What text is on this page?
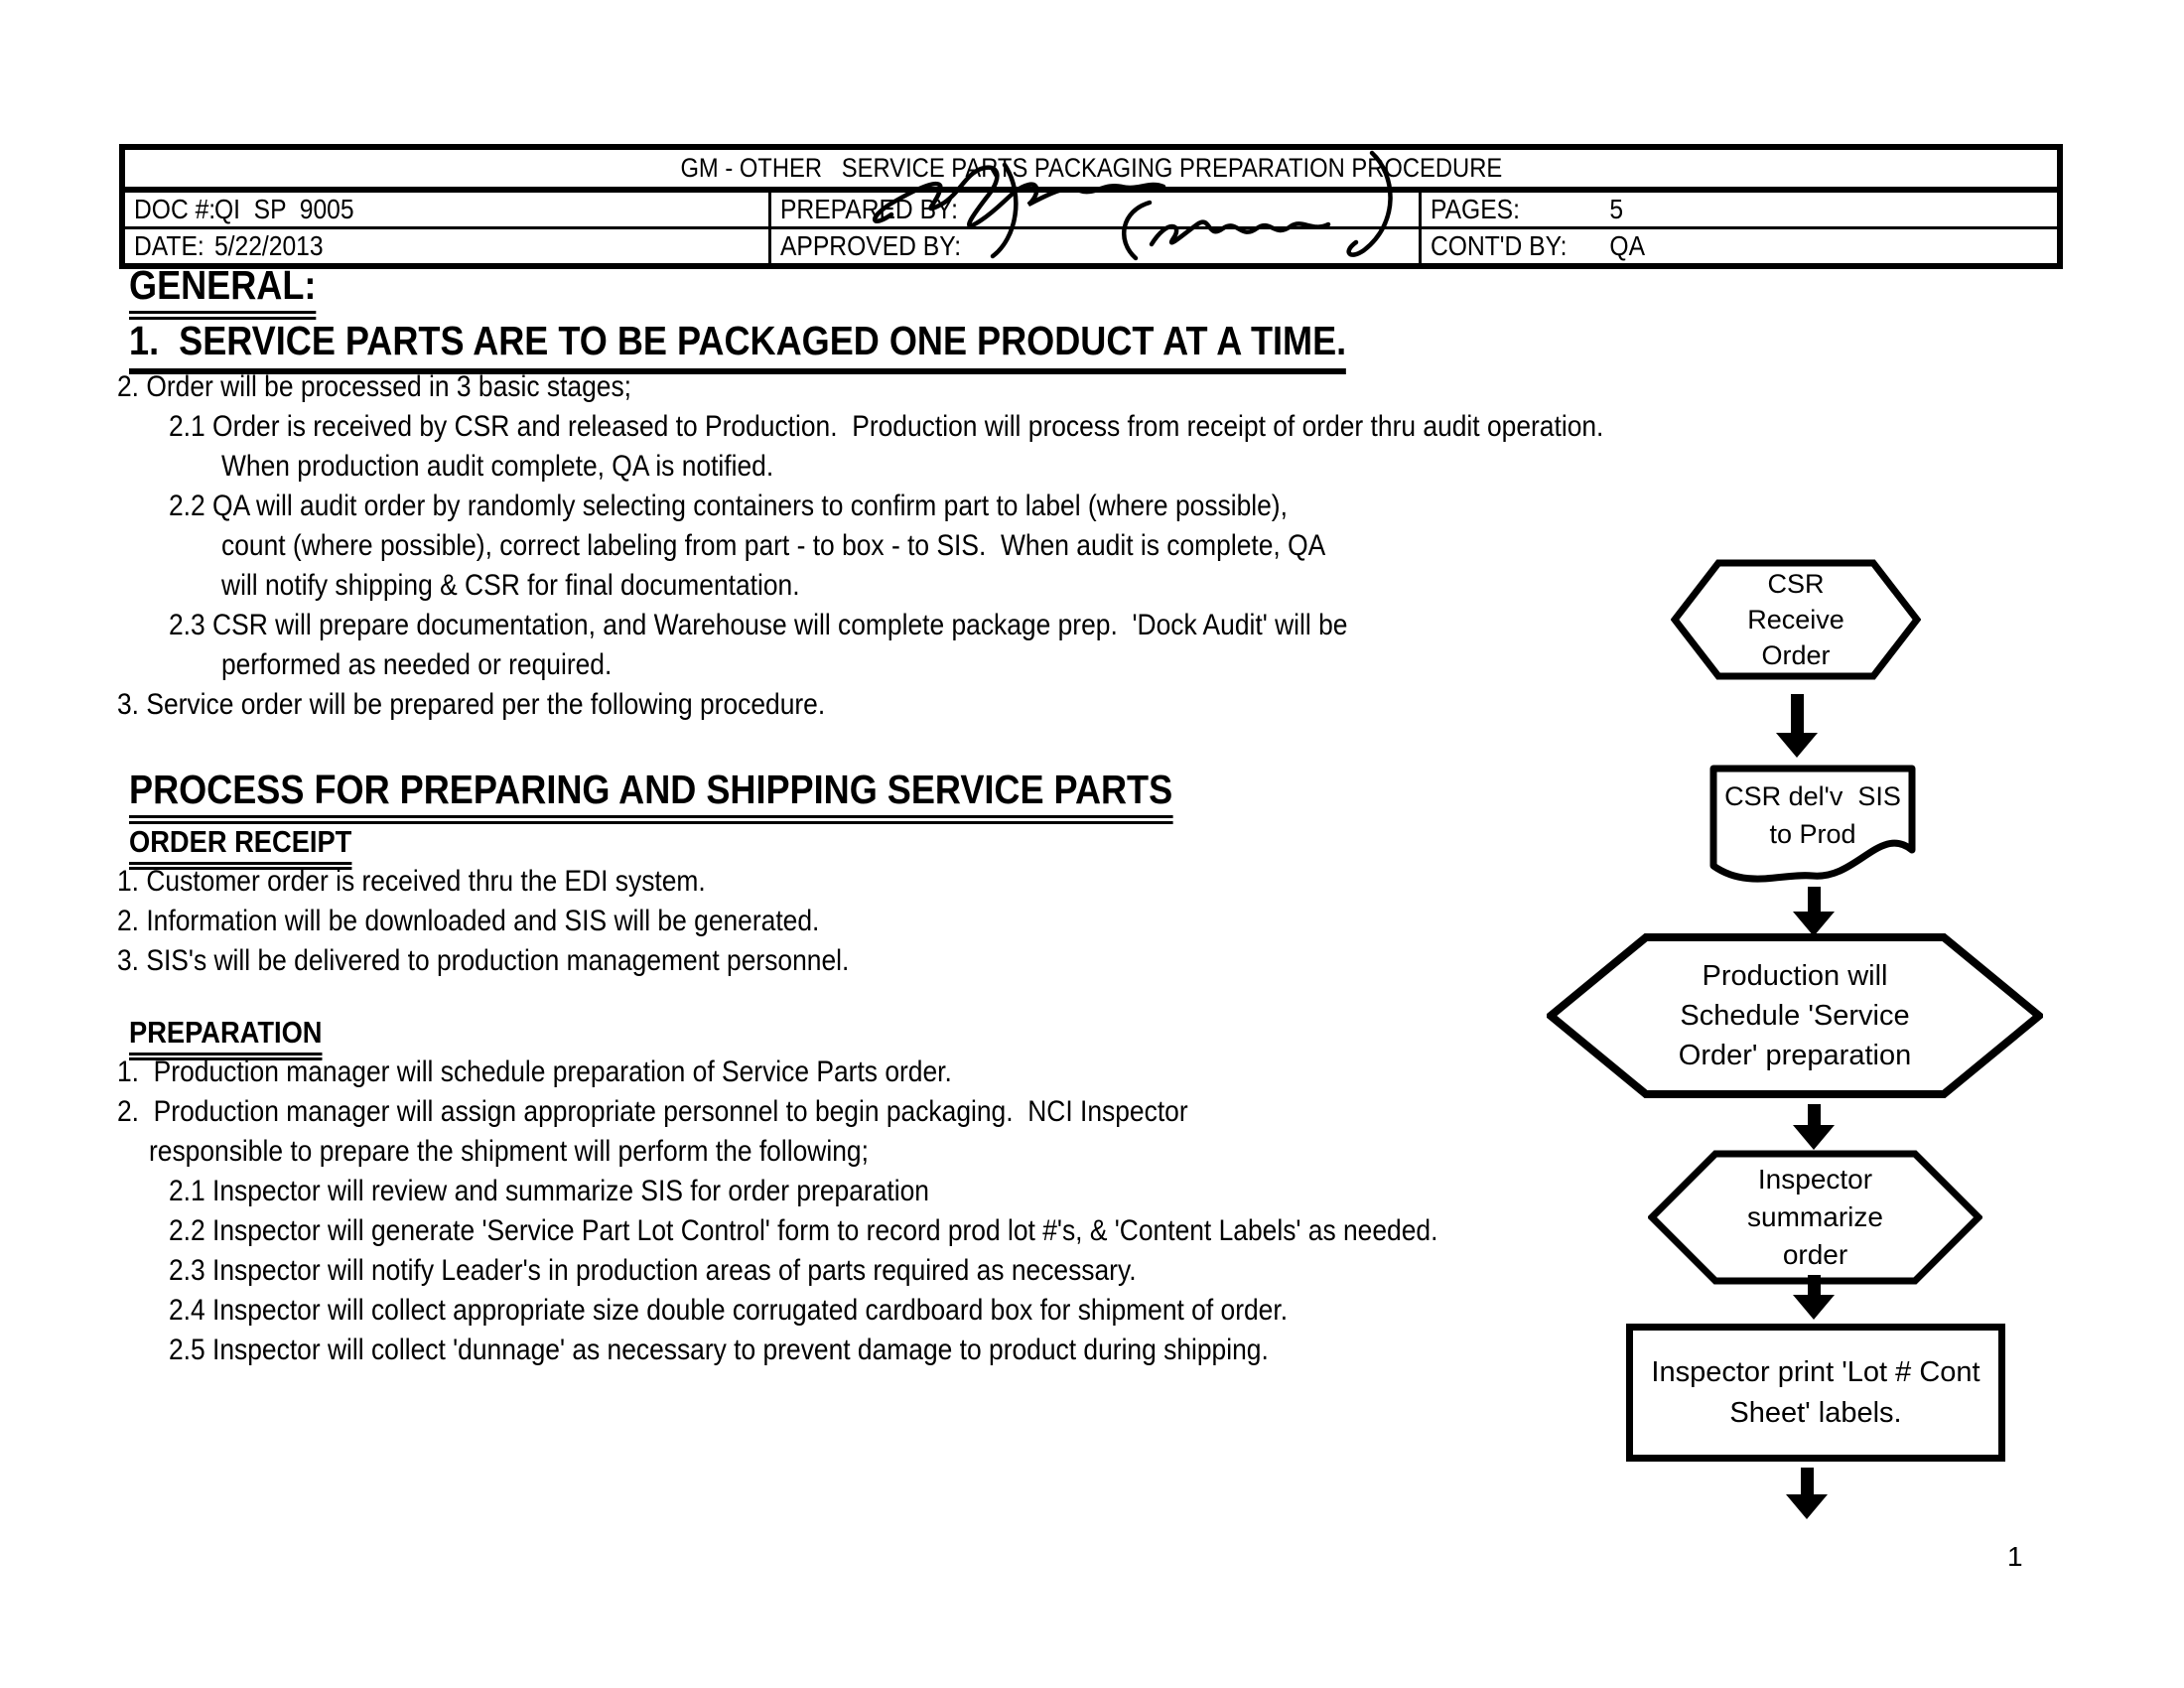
GM - OTHER   SERVICE PARTS PACKAGING PREPARATION PROCEDURE
DOC #:QI  SP  9005	PREPARED BY:	PAGES:	5
DATE: 5/22/2013	APPROVED BY:	CONT'D BY: QA
GENERAL:
1.  SERVICE PARTS ARE TO BE PACKAGED ONE PRODUCT AT A TIME.
2. Order will be processed in 3 basic stages;
2.1 Order is received by CSR and released to Production.  Production will process from receipt of order thru audit operation.
When production audit complete, QA is notified.
2.2 QA will audit order by randomly selecting containers to confirm part to label (where possible),
count (where possible), correct labeling from part - to box - to SIS.  When audit is complete, QA
will notify shipping & CSR for final documentation.
2.3 CSR will prepare documentation, and Warehouse will complete package prep.  'Dock Audit' will be
performed as needed or required.
3. Service order will be prepared per the following procedure.
PROCESS FOR PREPARING AND SHIPPING SERVICE PARTS
ORDER RECEIPT
1. Customer order is received thru the EDI system.
2. Information will be downloaded and SIS will be generated.
3. SIS's will be delivered to production management personnel.
PREPARATION
1.  Production manager will schedule preparation of Service Parts order.
2.  Production manager will assign appropriate personnel to begin packaging.  NCI Inspector
responsible to prepare the shipment will perform the following;
2.1 Inspector will review and summarize SIS for order preparation
2.2 Inspector will generate 'Service Part Lot Control' form to record prod lot #'s, & 'Content Labels' as needed.
2.3 Inspector will notify Leader's in production areas of parts required as necessary.
2.4 Inspector will collect appropriate size double corrugated cardboard box for shipment of order.
2.5 Inspector will collect 'dunnage' as necessary to prevent damage to product during shipping.
CSR
Receive
Order
CSR del'v  SIS
to Prod
Production will
Schedule 'Service
Order' preparation
Inspector
summarize
order
Inspector print 'Lot # Cont
Sheet' labels.
1
